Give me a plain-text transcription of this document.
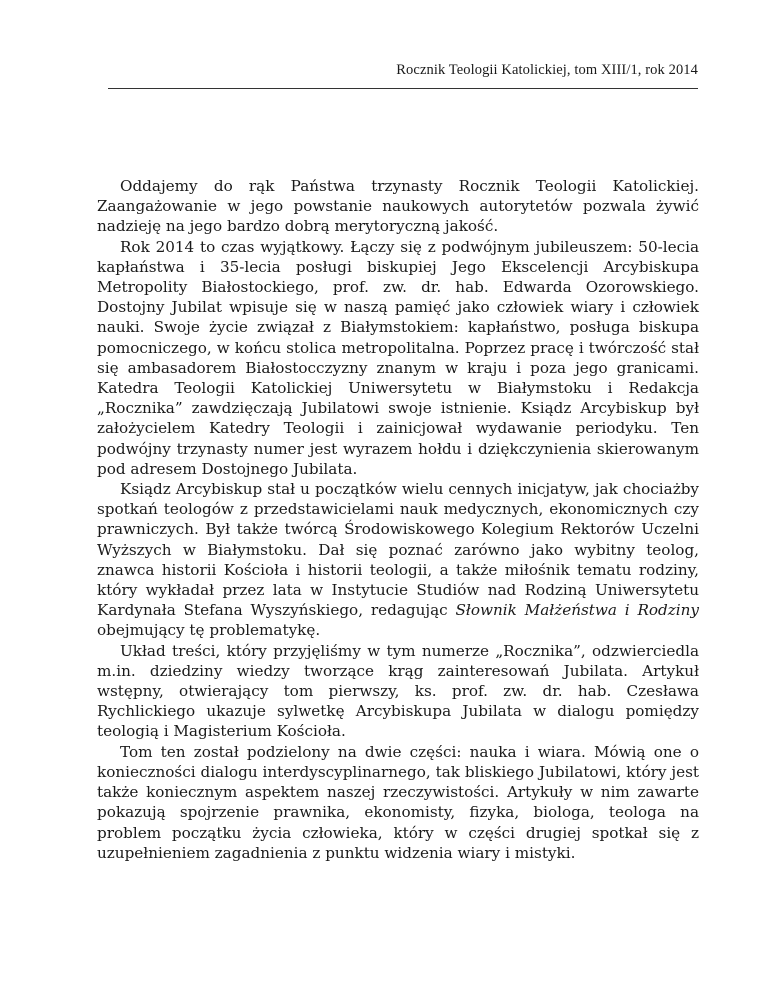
Rocznik Teologii Katolickiej, tom XIII/1, rok 2014

Oddajemy do rąk Państwa trzynasty Rocznik Teologii Katolickiej. Zaangażowanie w jego powstanie naukowych autorytetów pozwala żywić nadzieję na jego bardzo dobrą merytoryczną jakość.

Rok 2014 to czas wyjątkowy. Łączy się z podwójnym jubileuszem: 50-lecia kapłaństwa i 35-lecia posługi biskupiej Jego Ekscelencji Arcybiskupa Metropolity Białostockiego, prof. zw. dr. hab. Edwarda Ozorowskiego. Dostojny Jubilat wpisuje się w naszą pamięć jako człowiek wiary i człowiek nauki. Swoje życie związał z Białymstokiem: kapłaństwo, posługa biskupa pomocniczego, w końcu stolica metropolitalna. Poprzez pracę i twórczość stał się ambasadorem Białostocczyzny znanym w kraju i poza jego granicami. Katedra Teologii Katolickiej Uniwersytetu w Białymstoku i Redakcja „Rocznika” zawdzięczają Jubilatowi swoje istnienie. Ksiądz Arcybiskup był założycielem Katedry Teologii i zainicjował wydawanie periodyku. Ten podwójny trzynasty numer jest wyrazem hołdu i dziękczynienia skierowanym pod adresem Dostojnego Jubilata.

Ksiądz Arcybiskup stał u początków wielu cennych inicjatyw, jak chociażby spotkań teologów z przedstawicielami nauk medycznych, ekonomicznych czy prawniczych. Był także twórcą Środowiskowego Kolegium Rektorów Uczelni Wyższych w Białymstoku. Dał się poznać zarówno jako wybitny teolog, znawca historii Kościoła i historii teologii, a także miłośnik tematu rodziny, który wykładał przez lata w Instytucie Studiów nad Rodziną Uniwersytetu Kardynała Stefana Wyszyńskiego, redagując Słownik Małżeństwa i Rodziny obejmujący tę problematykę.

Układ treści, który przyjęliśmy w tym numerze „Rocznika”, odzwierciedla m.in. dziedziny wiedzy tworzące krąg zainteresowań Jubilata. Artykuł wstępny, otwierający tom pierwszy, ks. prof. zw. dr. hab. Czesława Rychlickiego ukazuje sylwetkę Arcybiskupa Jubilata w dialogu pomiędzy teologią i Magisterium Kościoła.

Tom ten został podzielony na dwie części: nauka i wiara. Mówią one o konieczności dialogu interdyscyplinarnego, tak bliskiego Jubilatowi, który jest także koniecznym aspektem naszej rzeczywistości. Artykuły w nim zawarte pokazują spojrzenie prawnika, ekonomisty, fizyka, biologa, teologa na problem początku życia człowieka, który w części drugiej spotkał się z uzupełnieniem zagadnienia z punktu widzenia wiary i mistyki.
